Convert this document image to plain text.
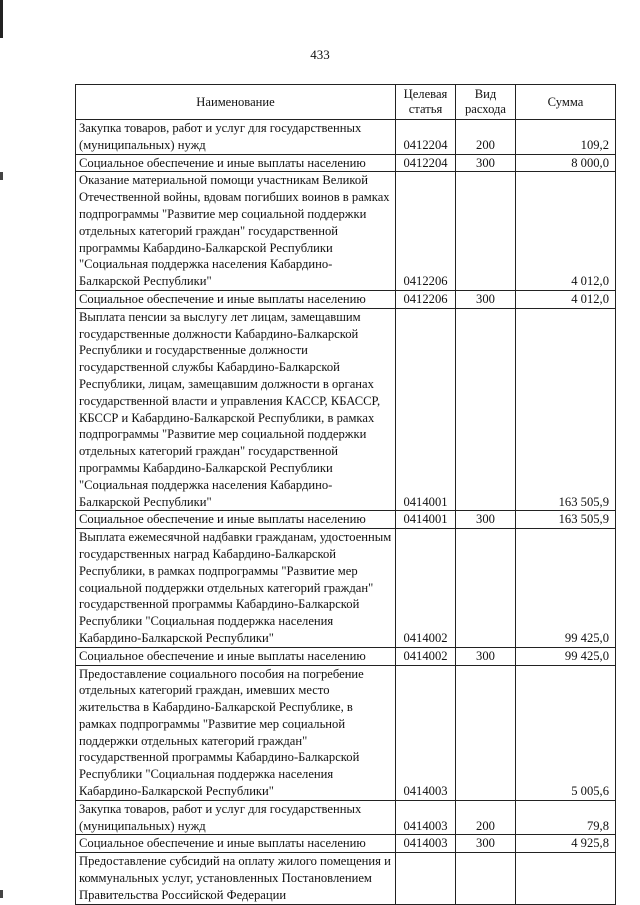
433
Наименование	Целевая статья	Вид расхода	Сумма
Закупка товаров, работ и услуг для государственных (муниципальных) нужд	0412204	200	109,2
Социальное обеспечение и иные выплаты населению	0412204	300	8 000,0
Оказание материальной помощи участникам Великой Отечественной войны, вдовам погибших воинов в рамках подпрограммы "Развитие мер социальной поддержки отдельных категорий граждан" государственной программы Кабардино-Балкарской Республики "Социальная поддержка населения Кабардино-Балкарской Республики"	0412206		4 012,0
Социальное обеспечение и иные выплаты населению	0412206	300	4 012,0
Выплата пенсии за выслугу лет лицам, замещавшим государственные должности Кабардино-Балкарской Республики и государственные должности государственной службы Кабардино-Балкарской Республики, лицам, замещавшим должности в органах государственной власти и управления КАССР, КБАССР, КБССР и Кабардино-Балкарской Республики, в рамках подпрограммы "Развитие мер социальной поддержки отдельных категорий граждан" государственной программы Кабардино-Балкарской Республики "Социальная поддержка населения Кабардино-Балкарской Республики"	0414001		163 505,9
Социальное обеспечение и иные выплаты населению	0414001	300	163 505,9
Выплата ежемесячной надбавки гражданам, удостоенным государственных наград Кабардино-Балкарской Республики, в рамках подпрограммы "Развитие мер социальной поддержки отдельных категорий граждан" государственной программы Кабардино-Балкарской Республики "Социальная поддержка населения Кабардино-Балкарской Республики"	0414002		99 425,0
Социальное обеспечение и иные выплаты населению	0414002	300	99 425,0
Предоставление социального пособия на погребение отдельных категорий граждан, имевших место жительства в Кабардино-Балкарской Республике, в рамках подпрограммы "Развитие мер социальной поддержки отдельных категорий граждан" государственной программы Кабардино-Балкарской Республики "Социальная поддержка населения Кабардино-Балкарской Республики"	0414003		5 005,6
Закупка товаров, работ и услуг для государственных (муниципальных) нужд	0414003	200	79,8
Социальное обеспечение и иные выплаты населению	0414003	300	4 925,8
Предоставление субсидий на оплату жилого помещения и коммунальных услуг, установленных Постановлением Правительства Российской Федерации			
